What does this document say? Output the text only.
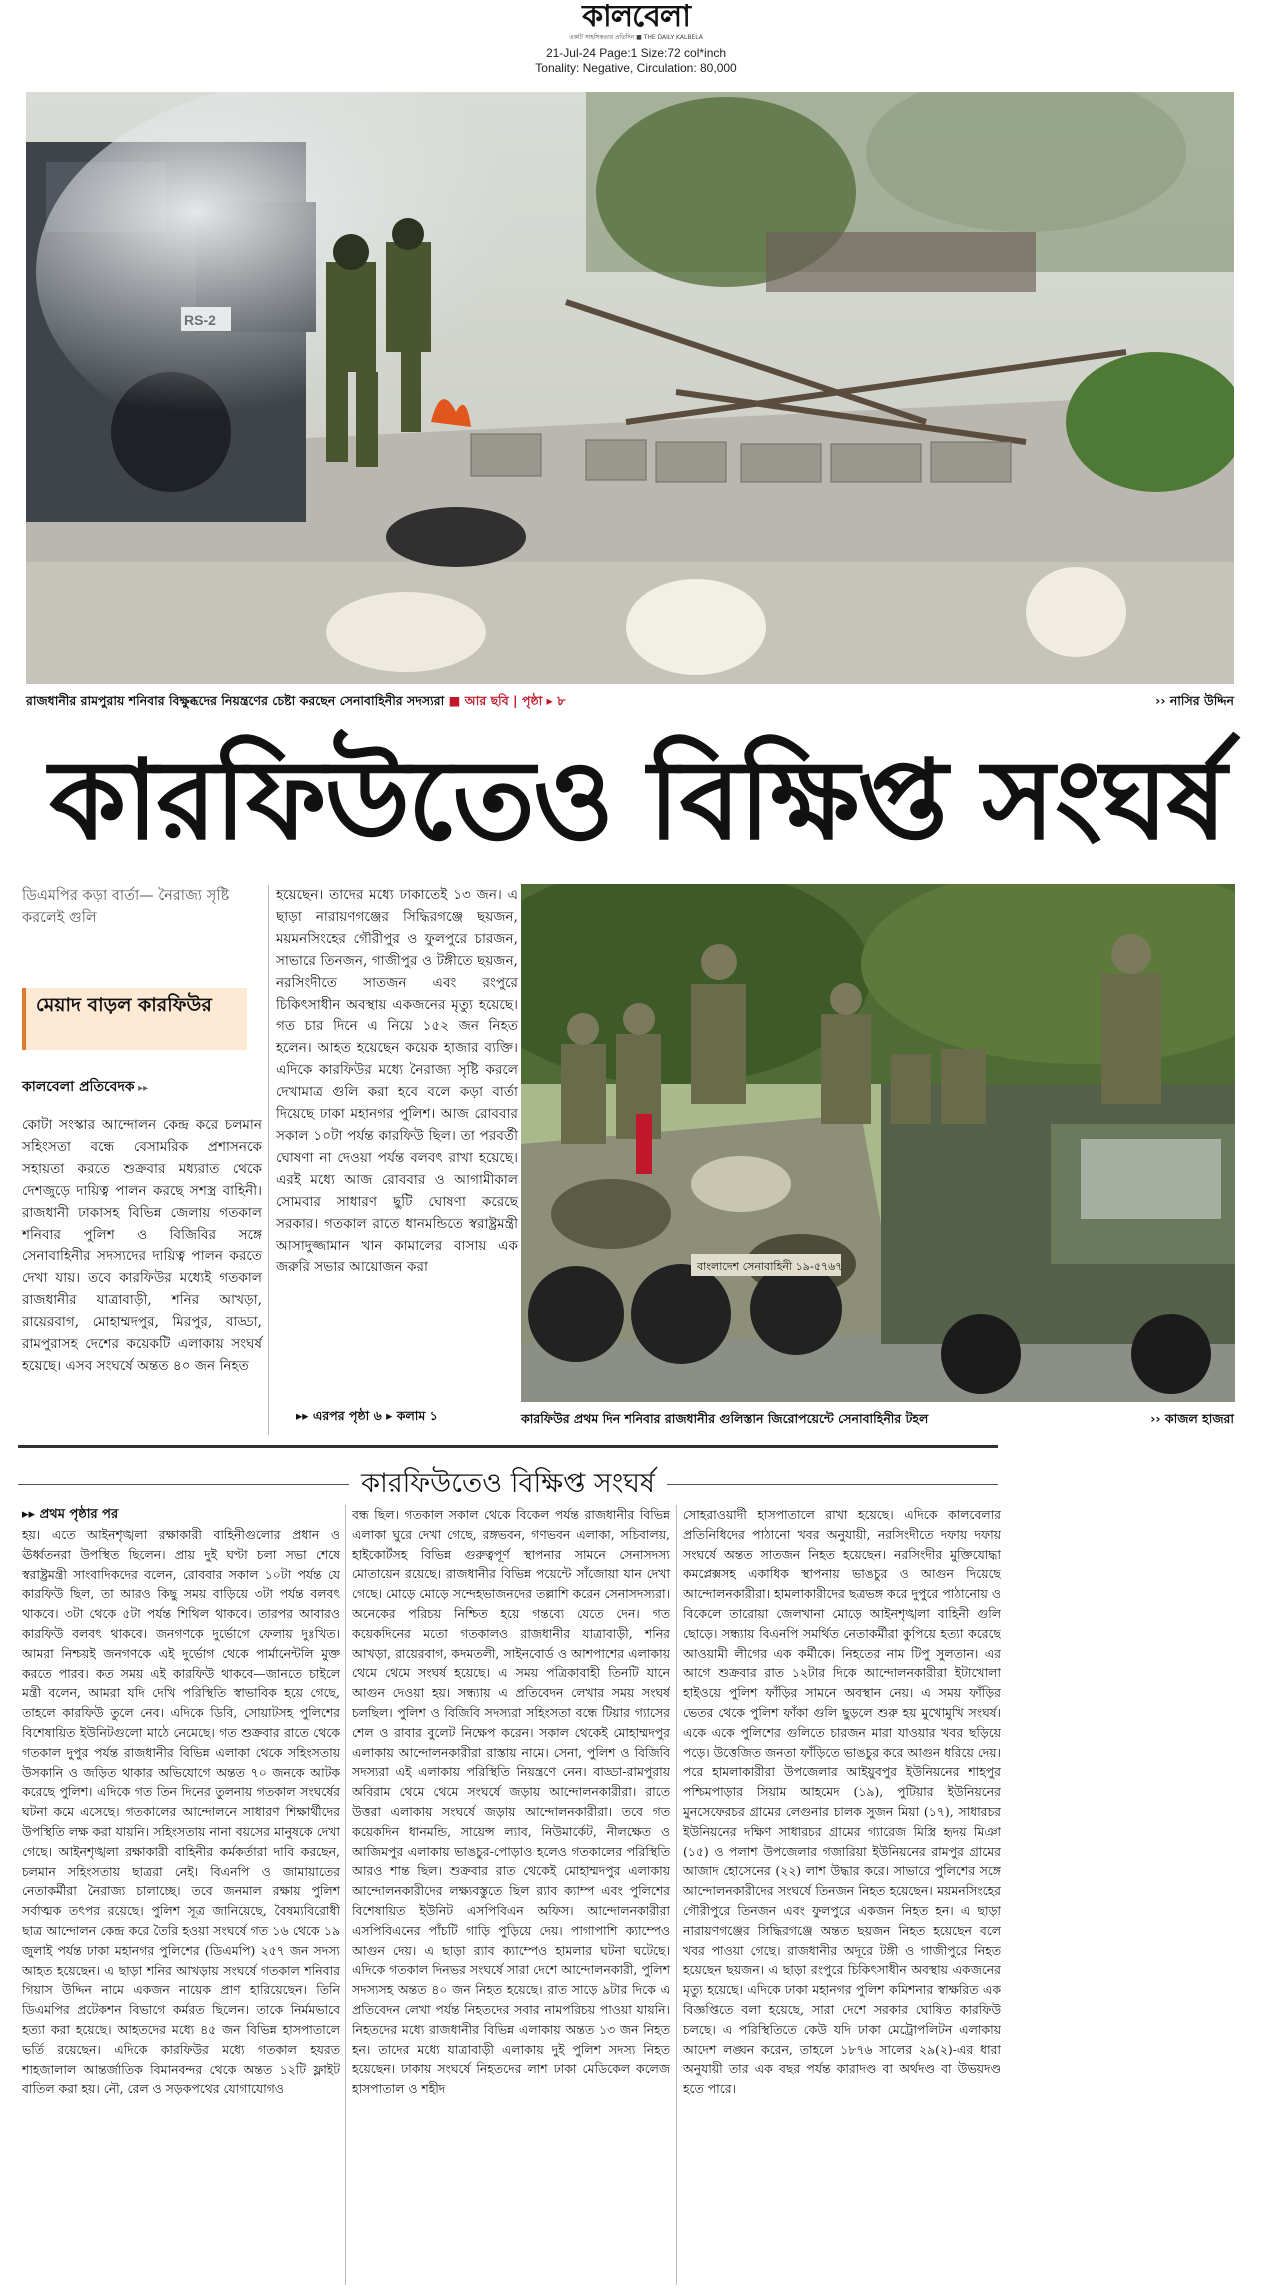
কালবেলা
একটি সাহসিকতার প্রতিদিন ■ THE DAILY KALBELA
21-Jul-24 Page:1 Size:72 col*inch
Tonality: Negative, Circulation: 80,000
রাজধানীর রামপুরায় শনিবার বিক্ষুব্ধদের নিয়ন্ত্রণের চেষ্টা করছেন সেনাবাহিনীর সদস্যরা ■ আর ছবি | পৃষ্ঠা ▸ ৮	›› নাসির উদ্দিন
কারফিউতেও বিক্ষিপ্ত সংঘর্ষ
ডিএমপির কড়া বার্তা— নৈরাজ্য সৃষ্টি করলেই গুলি
মেয়াদ বাড়ল কারফিউর
কালবেলা প্রতিবেদক ▸▸
কোটা সংস্কার আন্দোলন কেন্দ্র করে চলমান সহিংসতা বন্ধে বেসামরিক প্রশাসনকে সহায়তা করতে শুক্রবার মধ্যরাত থেকে দেশজুড়ে দায়িত্ব পালন করছে সশস্ত্র বাহিনী। রাজধানী ঢাকাসহ বিভিন্ন জেলায় গতকাল শনিবার পুলিশ ও বিজিবির সঙ্গে সেনাবাহিনীর সদস্যদের দায়িত্ব পালন করতে দেখা যায়। তবে কারফিউর মধ্যেই গতকাল রাজধানীর যাত্রাবাড়ী, শনির আখড়া, রায়েরবাগ, মোহাম্মদপুর, মিরপুর, বাড্ডা, রামপুরাসহ দেশের কয়েকটি এলাকায় সংঘর্ষ হয়েছে। এসব সংঘর্ষে অন্তত ৪০ জন নিহত
হয়েছেন। তাদের মধ্যে ঢাকাতেই ১৩ জন। এ ছাড়া নারায়ণগঞ্জের সিদ্ধিরগঞ্জে ছয়জন, ময়মনসিংহের গৌরীপুর ও ফুলপুরে চারজন, সাভারে তিনজন, গাজীপুর ও টঙ্গীতে ছয়জন, নরসিংদীতে সাতজন এবং রংপুরে চিকিৎসাধীন অবস্থায় একজনের মৃত্যু হয়েছে। গত চার দিনে এ নিয়ে ১৫২ জন নিহত হলেন। আহত হয়েছেন কয়েক হাজার ব্যক্তি। এদিকে কারফিউর মধ্যে নৈরাজ্য সৃষ্টি করলে দেখামাত্র গুলি করা হবে বলে কড়া বার্তা দিয়েছে ঢাকা মহানগর পুলিশ। আজ রোববার সকাল ১০টা পর্যন্ত কারফিউ ছিল। তা পরবর্তী ঘোষণা না দেওয়া পর্যন্ত বলবৎ রাখা হয়েছে। এরই মধ্যে আজ রোববার ও আগামীকাল সোমবার সাধারণ ছুটি ঘোষণা করেছে সরকার। গতকাল রাতে ধানমন্ডিতে স্বরাষ্ট্রমন্ত্রী আসাদুজ্জামান খান কামালের বাসায় এক জরুরি সভার আয়োজন করা
▸▸ এরপর পৃষ্ঠা ৬ ▸ কলাম ১
বাংলাদেশ সেনাবাহিনী ১৯-৫৭৬৭
কারফিউর প্রথম দিন শনিবার রাজধানীর গুলিস্তান জিরোপয়েন্টে সেনাবাহিনীর টহল	›› কাজল হাজরা
কারফিউতেও বিক্ষিপ্ত সংঘর্ষ
▸▸ প্রথম পৃষ্ঠার পর
হয়। এতে আইনশৃঙ্খলা রক্ষাকারী বাহিনীগুলোর প্রধান ও ঊর্ধ্বতনরা উপস্থিত ছিলেন। প্রায় দুই ঘণ্টা চলা সভা শেষে স্বরাষ্ট্রমন্ত্রী সাংবাদিকদের বলেন, রোববার সকাল ১০টা পর্যন্ত যে কারফিউ ছিল, তা আরও কিছু সময় বাড়িয়ে ৩টা পর্যন্ত বলবৎ থাকবে। ৩টা থেকে ৫টা পর্যন্ত শিথিল থাকবে। তারপর আবারও কারফিউ বলবৎ থাকবে। জনগণকে দুর্ভোগে ফেলায় দুঃখিত। আমরা নিশ্চয়ই জনগণকে এই দুর্ভোগ থেকে পার্মানেন্টলি মুক্ত করতে পারব। কত সময় এই কারফিউ থাকবে—জানতে চাইলে মন্ত্রী বলেন, আমরা যদি দেখি পরিস্থিতি স্বাভাবিক হয়ে গেছে, তাহলে কারফিউ তুলে নেব। এদিকে ডিবি, সোয়াটসহ পুলিশের বিশেষায়িত ইউনিটগুলো মাঠে নেমেছে। গত শুক্রবার রাতে থেকে গতকাল দুপুর পর্যন্ত রাজধানীর বিভিন্ন এলাকা থেকে সহিংসতায় উসকানি ও জড়িত থাকার অভিযোগে অন্তত ৭০ জনকে আটক করেছে পুলিশ। এদিকে গত তিন দিনের তুলনায় গতকাল সংঘর্ষের ঘটনা কমে এসেছে। গতকালের আন্দোলনে সাধারণ শিক্ষার্থীদের উপস্থিতি লক্ষ করা যায়নি। সহিংসতায় নানা বয়সের মানুষকে দেখা গেছে। আইনশৃঙ্খলা রক্ষাকারী বাহিনীর কর্মকর্তারা দাবি করছেন, চলমান সহিংসতায় ছাত্ররা নেই। বিএনপি ও জামায়াতের নেতাকর্মীরা নৈরাজ্য চালাচ্ছে। তবে জনমাল রক্ষায় পুলিশ সর্বাত্মক তৎপর রয়েছে। পুলিশ সূত্র জানিয়েছে, বৈষম্যবিরোধী ছাত্র আন্দোলন কেন্দ্র করে তৈরি হওয়া সংঘর্ষে গত ১৬ থেকে ১৯ জুলাই পর্যন্ত ঢাকা মহানগর পুলিশের (ডিএমপি) ২৫৭ জন সদস্য আহত হয়েছেন। এ ছাড়া শনির আখড়ায় সংঘর্ষে গতকাল শনিবার গিয়াস উদ্দিন নামে একজন নায়েক প্রাণ হারিয়েছেন। তিনি ডিএমপির প্রটেকশন বিভাগে কর্মরত ছিলেন। তাকে নির্মমভাবে হত্যা করা হয়েছে। আহতদের মধ্যে ৪৫ জন বিভিন্ন হাসপাতালে ভর্তি রয়েছেন। এদিকে কারফিউর মধ্যে গতকাল হযরত শাহজালাল আন্তর্জাতিক বিমানবন্দর থেকে অন্তত ১২টি ফ্লাইট বাতিল করা হয়। নৌ, রেল ও সড়কপথের যোগাযোগও
বন্ধ ছিল। গতকাল সকাল থেকে বিকেল পর্যন্ত রাজধানীর বিভিন্ন এলাকা ঘুরে দেখা গেছে, রঙ্গভবন, গণভবন এলাকা, সচিবালয়, হাইকোর্টসহ বিভিন্ন গুরুত্বপূর্ণ স্থাপনার সামনে সেনাসদস্য মোতায়েন রয়েছে। রাজধানীর বিভিন্ন পয়েন্টে সাঁজোয়া যান দেখা গেছে। মোড়ে মোড়ে সন্দেহভাজনদের তল্লাশি করেন সেনাসদস্যরা। অনেকের পরিচয় নিশ্চিত হয়ে গন্তব্যে যেতে দেন। গত কয়েকদিনের মতো গতকালও রাজধানীর যাত্রাবাড়ী, শনির আখড়া, রায়েরবাগ, কদমতলী, সাইনবোর্ড ও আশপাশের এলাকায় থেমে থেমে সংঘর্ষ হয়েছে। এ সময় পত্রিকাবাহী তিনটি যানে আগুন দেওয়া হয়। সন্ধ্যায় এ প্রতিবেদন লেখার সময় সংঘর্ষ চলছিল। পুলিশ ও বিজিবি সদস্যরা সহিংসতা বন্ধে টিয়ার গ্যাসের শেল ও রাবার বুলেট নিক্ষেপ করেন। সকাল থেকেই মোহাম্মদপুর এলাকায় আন্দোলনকারীরা রাস্তায় নামে। সেনা, পুলিশ ও বিজিবি সদস্যরা এই এলাকায় পরিস্থিতি নিয়ন্ত্রণে নেন। বাড্ডা-রামপুরায় অবিরাম থেমে থেমে সংঘর্ষে জড়ায় আন্দোলনকারীরা। রাতে উত্তরা এলাকায় সংঘর্ষে জড়ায় আন্দোলনকারীরা। তবে গত কয়েকদিন ধানমন্ডি, সায়েন্স ল্যাব, নিউমার্কেট, নীলক্ষেত ও আজিমপুর এলাকায় ভাঙচুর-পোড়াও হলেও গতকালের পরিস্থিতি আরও শান্ত ছিল। শুক্রবার রাত থেকেই মোহাম্মদপুর এলাকায় আন্দোলনকারীদের লক্ষ্যবস্তুতে ছিল র‍্যাব ক্যাম্প এবং পুলিশের বিশেষায়িত ইউনিট এসপিবিএন অফিস। আন্দোলনকারীরা এসপিবিএনের পাঁচটি গাড়ি পুড়িয়ে দেয়। পাগাপাশি ক্যাম্পেও আগুন দেয়। এ ছাড়া র‍্যাব ক্যাম্পেও হামলার ঘটনা ঘটেছে। এদিকে গতকাল দিনভর সংঘর্ষে সারা দেশে আন্দোলনকারী, পুলিশ সদস্যসহ অন্তত ৪০ জন নিহত হয়েছে। রাত সাড়ে ৯টার দিকে এ প্রতিবেদন লেখা পর্যন্ত নিহতদের সবার নামপরিচয় পাওয়া যায়নি। নিহতদের মধ্যে রাজধানীর বিভিন্ন এলাকায় অন্তত ১৩ জন নিহত হন। তাদের মধ্যে যাত্রাবাড়ী এলাকায় দুই পুলিশ সদস্য নিহত হয়েছেন। ঢাকায় সংঘর্ষে নিহতদের লাশ ঢাকা মেডিকেল কলেজ হাসপাতাল ও শহীদ
সোহরাওয়ার্দী হাসপাতালে রাখা হয়েছে। এদিকে কালবেলার প্রতিনিধিদের পাঠানো খবর অনুযায়ী, নরসিংদীতে দফায় দফায় সংঘর্ষে অন্তত সাতজন নিহত হয়েছেন। নরসিংদীর মুক্তিযোদ্ধা কমপ্লেক্সসহ একাধিক স্থাপনায় ভাঙচুর ও আগুন দিয়েছে আন্দোলনকারীরা। হামলাকারীদের ছত্রভঙ্গ করে দুপুরে পাঠানোয় ও বিকেলে তারোয়া জেলখানা মোড়ে আইনশৃঙ্খলা বাহিনী গুলি ছোড়ে। সন্ধ্যায় বিএনপি সমর্থিত নেতাকর্মীরা কুপিয়ে হত্যা করেছে আওয়ামী লীগের এক কর্মীকে। নিহতের নাম টিপু সুলতান। এর আগে শুক্রবার রাত ১২টার দিকে আন্দোলনকারীরা ইটাখোলা হাইওয়ে পুলিশ ফাঁড়ির সামনে অবস্থান নেয়। এ সময় ফাঁড়ির ভেতর থেকে পুলিশ ফাঁকা গুলি ছুড়লে শুরু হয় মুখোমুখি সংঘর্ষ। একে একে পুলিশের গুলিতে চারজন মারা যাওয়ার খবর ছড়িয়ে পড়ে। উত্তেজিত জনতা ফাঁড়িতে ভাঙচুর করে আগুন ধরিয়ে দেয়। পরে হামলাকারীরা উপজেলার আইয়ুবপুর ইউনিয়নের শাহপুর পশ্চিমপাড়ার সিয়াম আহমেদ (১৯), পুটিয়ার ইউনিয়নের মুনসেফেরচর গ্রামের লেগুনার চালক সুজন মিয়া (১৭), সাধারচর ইউনিয়নের দক্ষিণ সাধারচর গ্রামের গ্যারেজ মিস্ত্রি হৃদয় মিঞা (১৫) ও পলাশ উপজেলার গজারিয়া ইউনিয়নের রামপুর গ্রামের আজাদ হোসেনের (২২) লাশ উদ্ধার করে। সাভারে পুলিশের সঙ্গে আন্দোলনকারীদের সংঘর্ষে তিনজন নিহত হয়েছেন। ময়মনসিংহের গৌরীপুরে তিনজন এবং ফুলপুরে একজন নিহত হন। এ ছাড়া নারায়ণগঞ্জের সিদ্ধিরগঞ্জে অন্তত ছয়জন নিহত হয়েছেন বলে খবর পাওয়া গেছে। রাজধানীর অদূরে টঙ্গী ও গাজীপুরে নিহত হয়েছেন ছয়জন। এ ছাড়া রংপুরে চিকিৎসাধীন অবস্থায় একজনের মৃত্যু হয়েছে। এদিকে ঢাকা মহানগর পুলিশ কমিশনার স্বাক্ষরিত এক বিজ্ঞপ্তিতে বলা হয়েছে, সারা দেশে সরকার ঘোষিত কারফিউ চলছে। এ পরিস্থিতিতে কেউ যদি ঢাকা মেট্রোপলিটন এলাকায় আদেশ লঙ্ঘন করেন, তাহলে ১৮৭৬ সালের ২৯(২)-এর ধারা অনুযায়ী তার এক বছর পর্যন্ত কারাদণ্ড বা অর্থদণ্ড বা উভয়দণ্ড হতে পারে।
